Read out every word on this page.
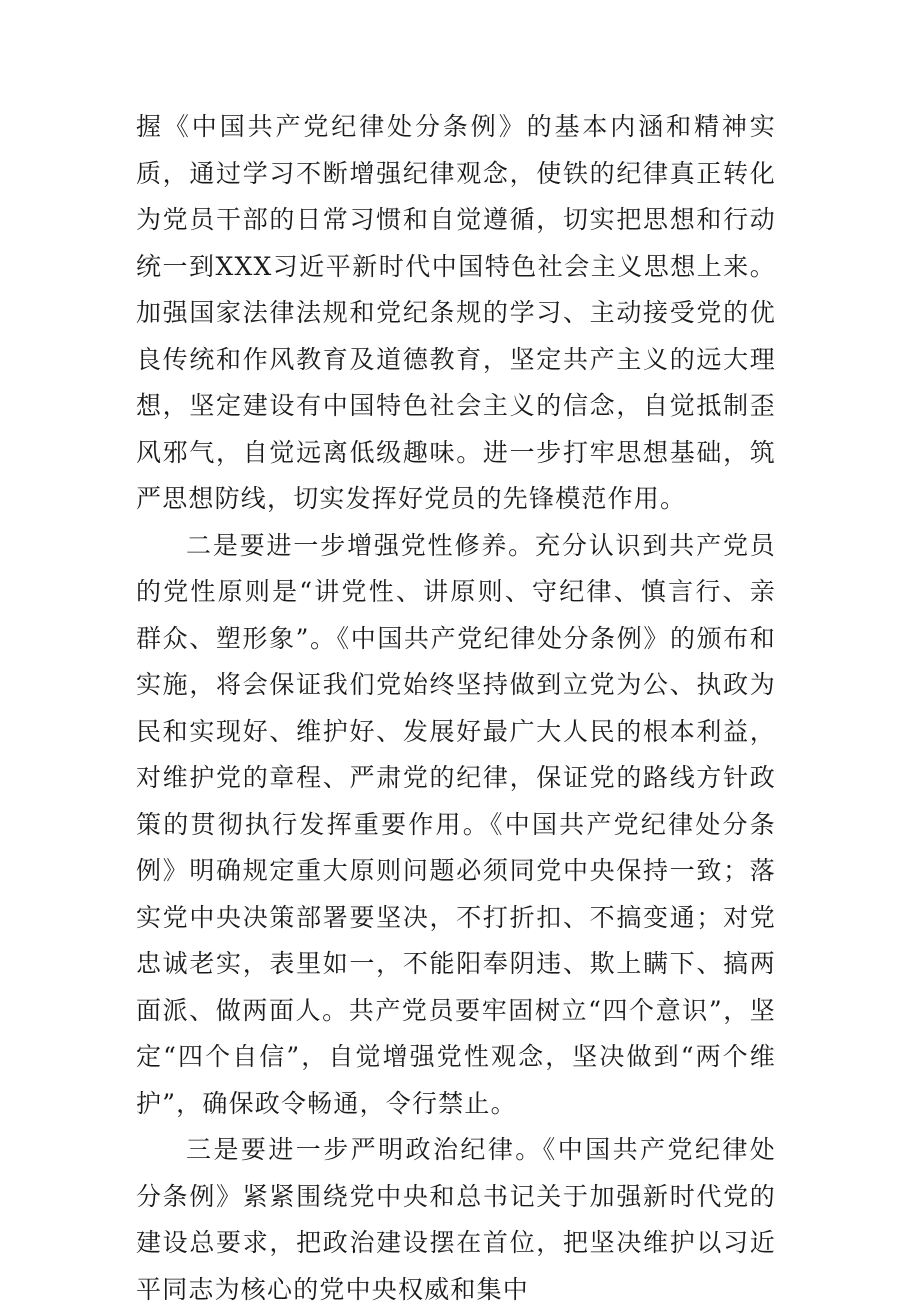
握《中国共产党纪律处分条例》的基本内涵和精神实质，通过学习不断增强纪律观念，使铁的纪律真正转化为党员干部的日常习惯和自觉遵循，切实把思想和行动统一到XXX习近平新时代中国特色社会主义思想上来。加强国家法律法规和党纪条规的学习、主动接受党的优良传统和作风教育及道德教育，坚定共产主义的远大理想，坚定建设有中国特色社会主义的信念，自觉抵制歪风邪气，自觉远离低级趣味。进一步打牢思想基础，筑严思想防线，切实发挥好党员的先锋模范作用。

二是要进一步增强党性修养。充分认识到共产党员的党性原则是“讲党性、讲原则、守纪律、慎言行、亲群众、塑形象”。《中国共产党纪律处分条例》的颁布和实施，将会保证我们党始终坚持做到立党为公、执政为民和实现好、维护好、发展好最广大人民的根本利益，对维护党的章程、严肃党的纪律，保证党的路线方针政策的贯彻执行发挥重要作用。《中国共产党纪律处分条例》明确规定重大原则问题必须同党中央保持一致；落实党中央决策部署要坚决，不打折扣、不搞变通；对党忠诚老实，表里如一，不能阳奉阴违、欺上瞒下、搞两面派、做两面人。共产党员要牢固树立“四个意识”，坚定“四个自信”，自觉增强党性观念，坚决做到“两个维护”，确保政令畅通，令行禁止。

三是要进一步严明政治纪律。《中国共产党纪律处分条例》紧紧围绕党中央和总书记关于加强新时代党的建设总要求，把政治建设摆在首位，把坚决维护以习近平同志为核心的党中央权威和集中
